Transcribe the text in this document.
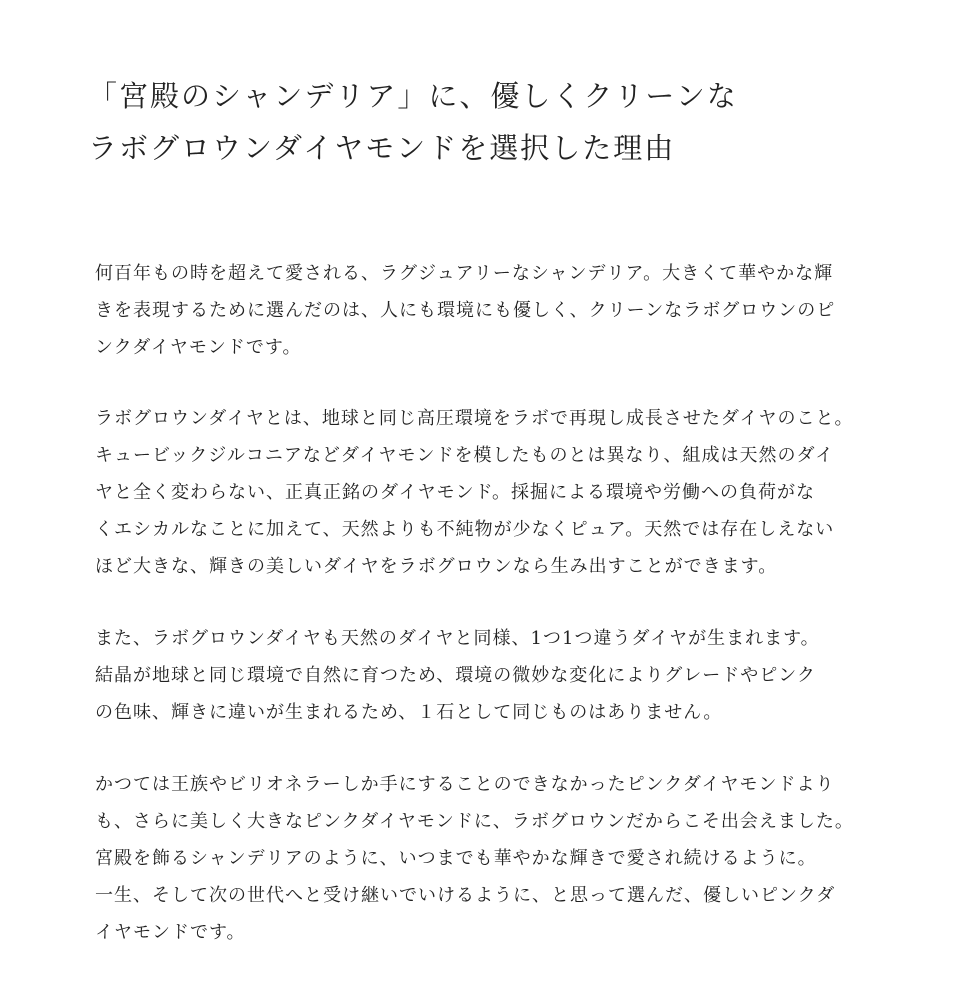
「宮殿のシャンデリア」に、優しくクリーンな
ラボグロウンダイヤモンドを選択した理由

何百年もの時を超えて愛される、ラグジュアリーなシャンデリア。大きくて華やかな輝
きを表現するために選んだのは、人にも環境にも優しく、クリーンなラボグロウンのピ
ンクダイヤモンドです。

ラボグロウンダイヤとは、地球と同じ高圧環境をラボで再現し成長させたダイヤのこと。
キュービックジルコニアなどダイヤモンドを模したものとは異なり、組成は天然のダイ
ヤと全く変わらない、正真正銘のダイヤモンド。採掘による環境や労働への負荷がな
くエシカルなことに加えて、天然よりも不純物が少なくピュア。天然では存在しえない
ほど大きな、輝きの美しいダイヤをラボグロウンなら生み出すことができます。

また、ラボグロウンダイヤも天然のダイヤと同様、1つ1つ違うダイヤが生まれます。
結晶が地球と同じ環境で自然に育つため、環境の微妙な変化によりグレードやピンク
の色味、輝きに違いが生まれるため、１石として同じものはありません。

かつては王族やビリオネラーしか手にすることのできなかったピンクダイヤモンドより
も、さらに美しく大きなピンクダイヤモンドに、ラボグロウンだからこそ出会えました。
宮殿を飾るシャンデリアのように、いつまでも華やかな輝きで愛され続けるように。
一生、そして次の世代へと受け継いでいけるように、と思って選んだ、優しいピンクダ
イヤモンドです。
